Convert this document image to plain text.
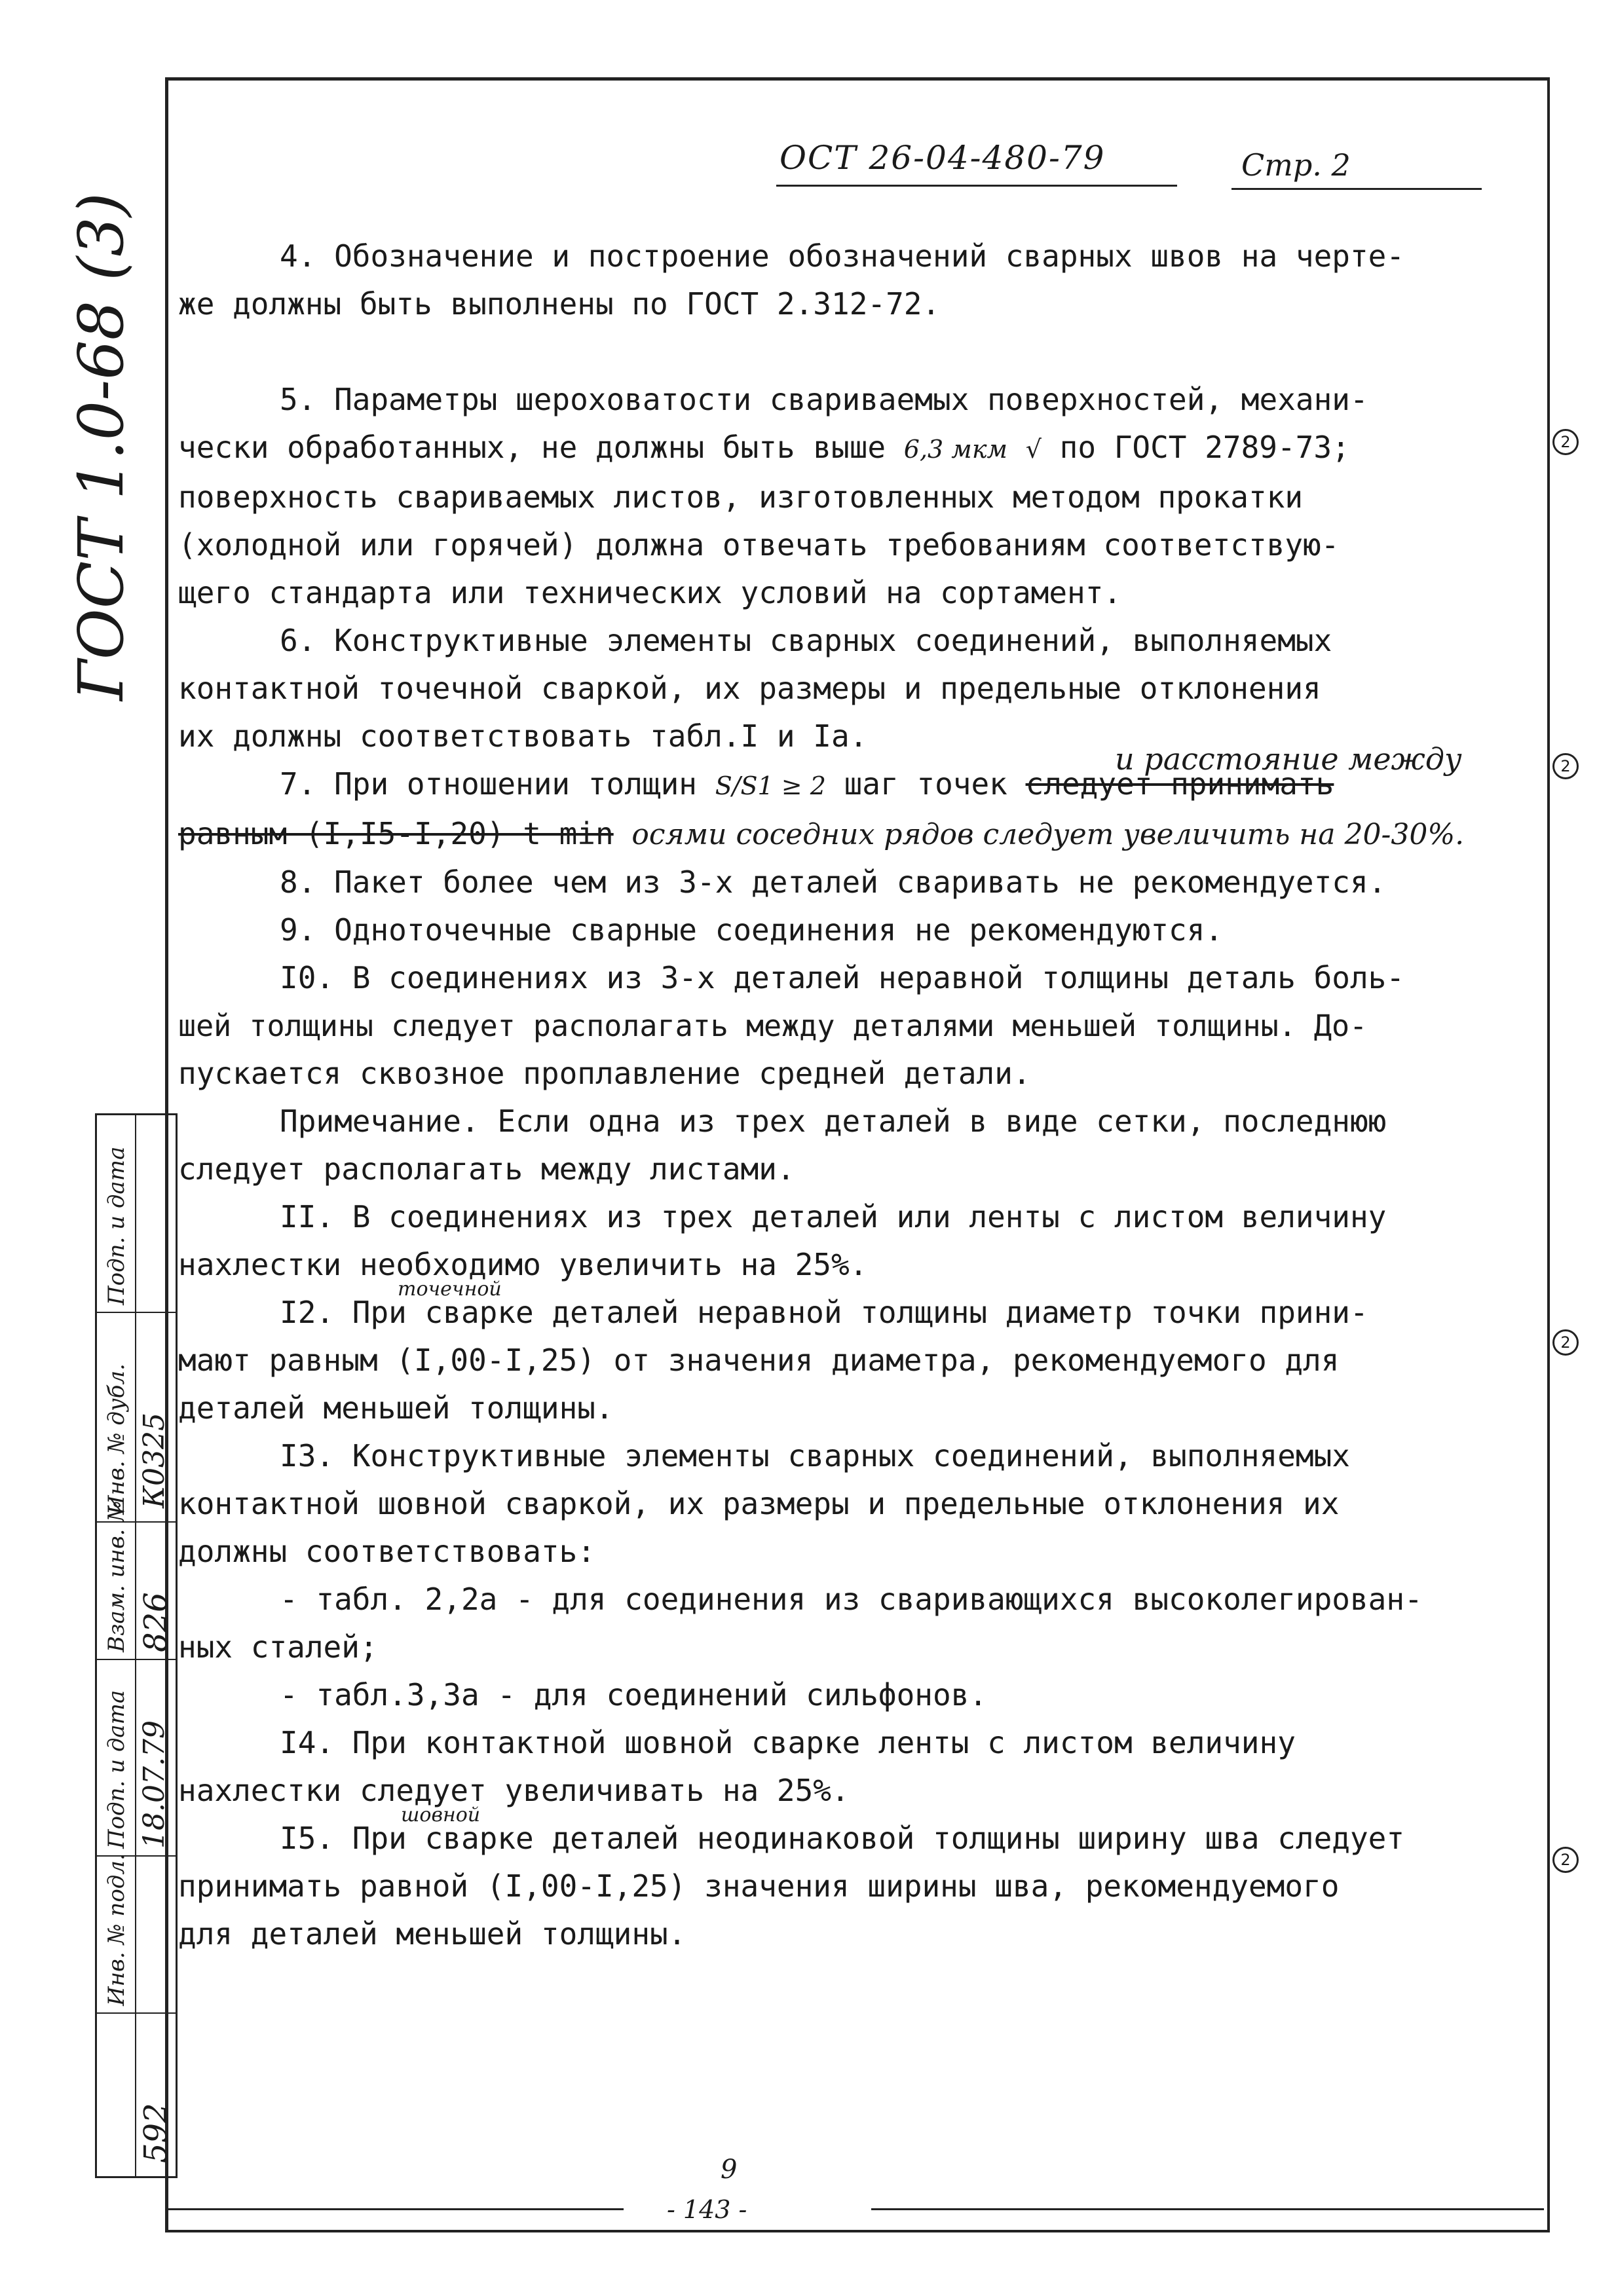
ОСТ 26-04-480-79	Стр. 2
ГОСТ 1.0-68 (3)	4. Обозначение и построение обозначений сварных швов на черте-

же должны быть выполнены по ГОСТ 2.312-72.

5. Параметры шероховатости свариваемых поверхностей, механи-

чески обработанных, не должны быть выше 6,3 мкм √ по ГОСТ 2789-73;

поверхность свариваемых листов, изготовленных методом прокатки

(холодной или горячей) должна отвечать требованиям соответствую-

щего стандарта или технических условий на сортамент.

6. Конструктивные элементы сварных соединений, выполняемых

контактной точечной сваркой, их размеры и предельные отклонения

их должны соответствовать табл.I и Iа.

7. При отношении толщин S/S1 ≥ 2 шаг точек следует принимать
и расстояние между

равным (I,I5-I,20) t min осями соседних рядов следует увеличить на 20-30%.

8. Пакет более чем из 3-х деталей сваривать не рекомендуется.

9. Одноточечные сварные соединения не рекомендуются.

I0. В соединениях из 3-х деталей неравной толщины деталь боль-

шей толщины следует располагать между деталями меньшей толщины. До-

пускается сквозное проплавление средней детали.

Примечание. Если одна из трех деталей в виде сетки, последнюю

следует располагать между листами.

II. В соединениях из трех деталей или ленты с листом величину

нахлестки необходимо увеличить на 25%.

I2. При сварке деталей неравной толщины диаметр точки прини-
точечной

мают равным (I,00-I,25) от значения диаметра, рекомендуемого для

деталей меньшей толщины.

I3. Конструктивные элементы сварных соединений, выполняемых

контактной шовной сваркой, их размеры и предельные отклонения их

должны соответствовать:

- табл. 2,2а - для соединения из сваривающихся высоколегирован-

ных сталей;

- табл.3,3а - для соединений сильфонов.

I4. При контактной шовной сварке ленты с листом величину

нахлестки следует увеличивать на 25%.

I5. При сварке деталей неодинаковой толщины ширину шва следует
шовной

принимать равной (I,00-I,25) значения ширины шва, рекомендуемого

для деталей меньшей толщины.

2
2
2
2
Подп. и дата
Инв. № дубл.
Взам. инв. №
Подп. и дата
Инв. № подл.
К0325
826
18.07.79
592
9
- 143 -
